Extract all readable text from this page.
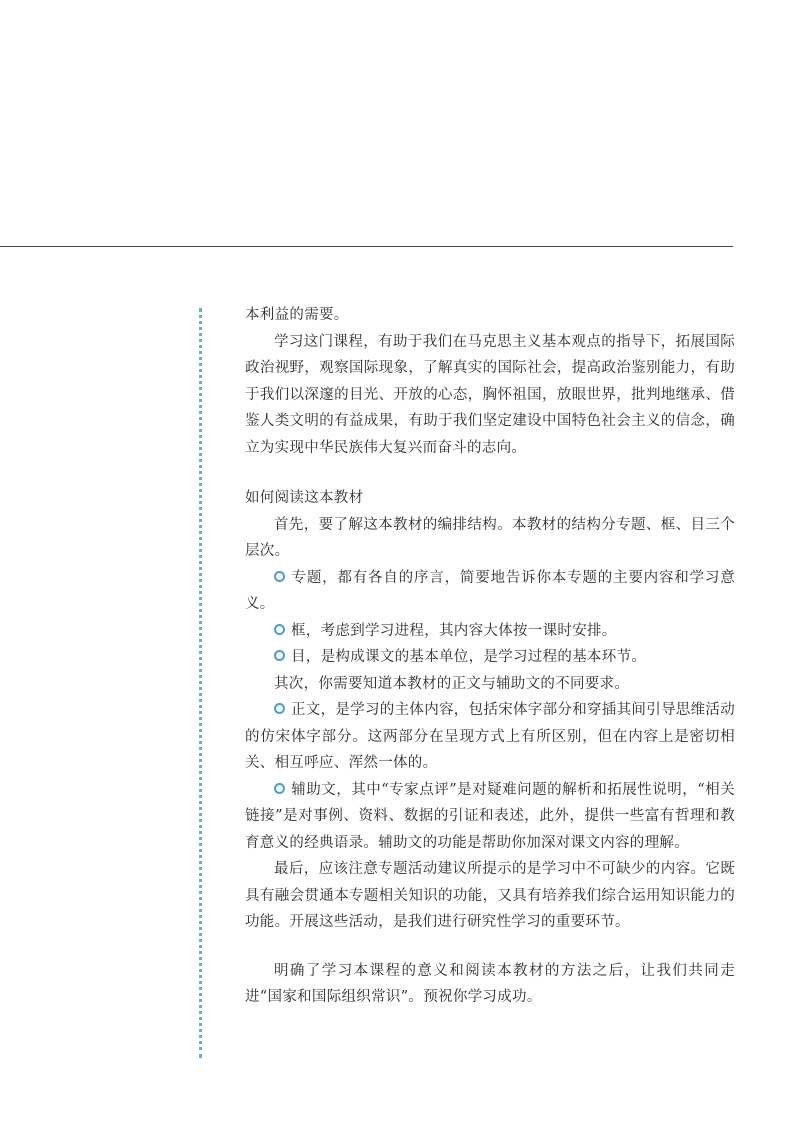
本利益的需要。

学习这门课程，有助于我们在马克思主义基本观点的指导下，拓展国际政治视野，观察国际现象，了解真实的国际社会，提高政治鉴别能力，有助于我们以深邃的目光、开放的心态，胸怀祖国，放眼世界，批判地继承、借鉴人类文明的有益成果，有助于我们坚定建设中国特色社会主义的信念，确立为实现中华民族伟大复兴而奋斗的志向。

如何阅读这本教材

首先，要了解这本教材的编排结构。本教材的结构分专题、框、目三个层次。

专题，都有各自的序言，简要地告诉你本专题的主要内容和学习意义。

框，考虑到学习进程，其内容大体按一课时安排。

目，是构成课文的基本单位，是学习过程的基本环节。

其次，你需要知道本教材的正文与辅助文的不同要求。

正文，是学习的主体内容，包括宋体字部分和穿插其间引导思维活动的仿宋体字部分。这两部分在呈现方式上有所区别，但在内容上是密切相关、相互呼应、浑然一体的。

辅助文，其中“专家点评”是对疑难问题的解析和拓展性说明，“相关链接”是对事例、资料、数据的引证和表述，此外，提供一些富有哲理和教育意义的经典语录。辅助文的功能是帮助你加深对课文内容的理解。

最后，应该注意专题活动建议所提示的是学习中不可缺少的内容。它既具有融会贯通本专题相关知识的功能，又具有培养我们综合运用知识能力的功能。开展这些活动，是我们进行研究性学习的重要环节。

明确了学习本课程的意义和阅读本教材的方法之后，让我们共同走进“国家和国际组织常识”。预祝你学习成功。
